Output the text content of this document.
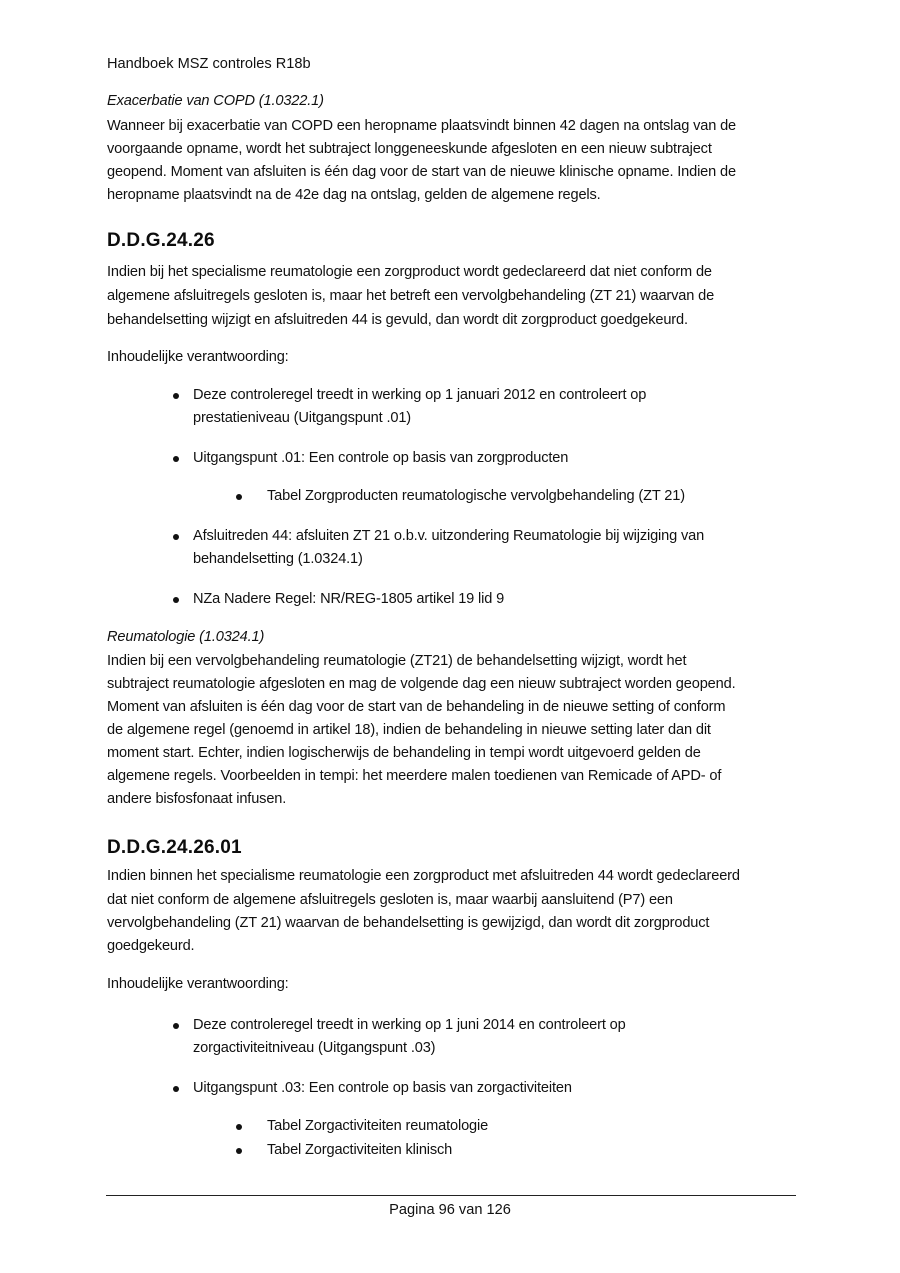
Handboek MSZ controles R18b
Exacerbatie van COPD (1.0322.1)
Wanneer bij exacerbatie van COPD een heropname plaatsvindt binnen 42 dagen na ontslag van de
voorgaande opname, wordt het subtraject longgeneeskunde afgesloten en een nieuw subtraject
geopend. Moment van afsluiten is één dag voor de start van de nieuwe klinische opname. Indien de
heropname plaatsvindt na de 42e dag na ontslag, gelden de algemene regels.
D.D.G.24.26
Indien bij het specialisme reumatologie een zorgproduct wordt gedeclareerd dat niet conform de
algemene afsluitregels gesloten is, maar het betreft een vervolgbehandeling (ZT 21) waarvan de
behandelsetting wijzigt en afsluitreden 44 is gevuld, dan wordt dit zorgproduct goedgekeurd.
Inhoudelijke verantwoording:
Deze controleregel treedt in werking op 1 januari 2012 en controleert op
prestatieniveau (Uitgangspunt .01)
Uitgangspunt .01: Een controle op basis van zorgproducten
Tabel Zorgproducten reumatologische vervolgbehandeling (ZT 21)
Afsluitreden 44: afsluiten ZT 21 o.b.v. uitzondering Reumatologie bij wijziging van
behandelsetting (1.0324.1)
NZa Nadere Regel: NR/REG-1805 artikel 19 lid 9
Reumatologie (1.0324.1)
Indien bij een vervolgbehandeling reumatologie (ZT21) de behandelsetting wijzigt, wordt het
subtraject reumatologie afgesloten en mag de volgende dag een nieuw subtraject worden geopend.
Moment van afsluiten is één dag voor de start van de behandeling in de nieuwe setting of conform
de algemene regel (genoemd in artikel 18), indien de behandeling in nieuwe setting later dan dit
moment start. Echter, indien logischerwijs de behandeling in tempi wordt uitgevoerd gelden de
algemene regels. Voorbeelden in tempi: het meerdere malen toedienen van Remicade of APD- of
andere bisfosfonaat infusen.
D.D.G.24.26.01
Indien binnen het specialisme reumatologie een zorgproduct met afsluitreden 44 wordt gedeclareerd
dat niet conform de algemene afsluitregels gesloten is, maar waarbij aansluitend (P7) een
vervolgbehandeling (ZT 21) waarvan de behandelsetting is gewijzigd, dan wordt dit zorgproduct
goedgekeurd.
Inhoudelijke verantwoording:
Deze controleregel treedt in werking op 1 juni 2014 en controleert op
zorgactiviteitniveau (Uitgangspunt .03)
Uitgangspunt .03: Een controle op basis van zorgactiviteiten
Tabel Zorgactiviteiten reumatologie
Tabel Zorgactiviteiten klinisch
Pagina 96 van 126
